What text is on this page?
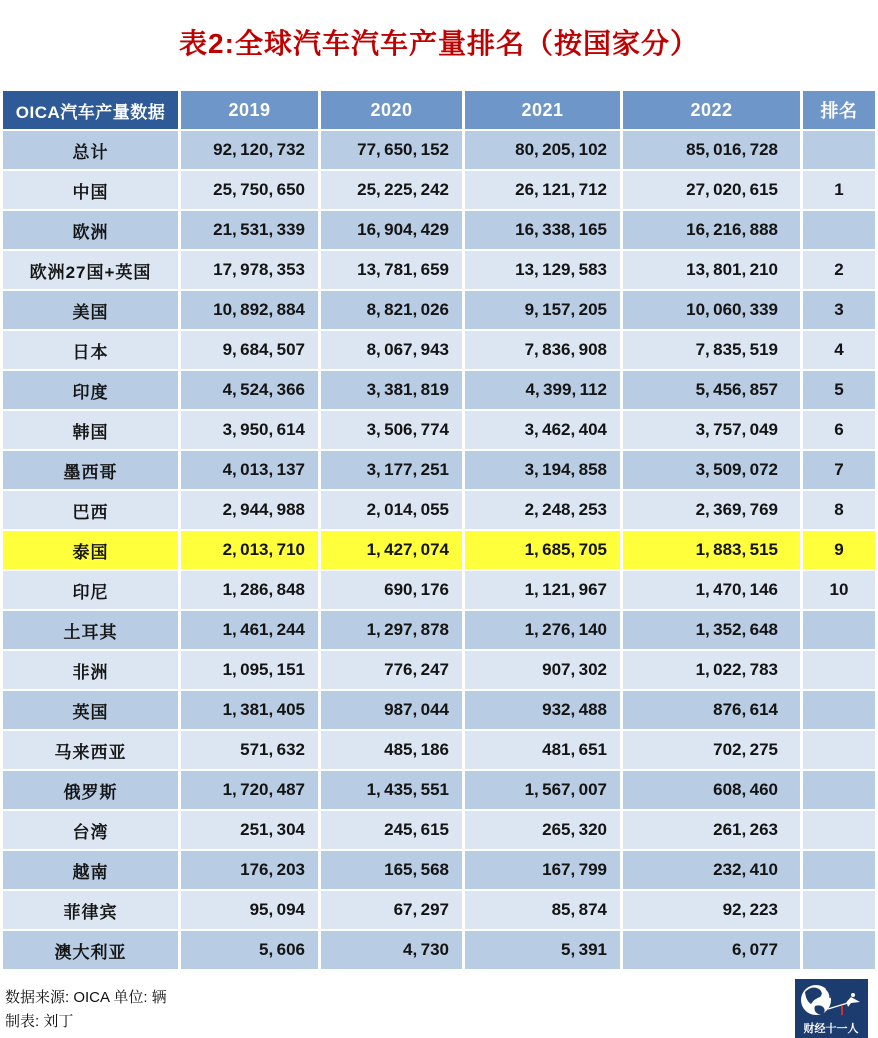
表2:全球汽车汽车产量排名（按国家分）
OICA汽车产量数据	2019	2020	2021	2022	排名
总计	92, 120, 732	77, 650, 152	80, 205, 102	85, 016, 728	
中国	25, 750, 650	25, 225, 242	26, 121, 712	27, 020, 615	1
欧洲	21, 531, 339	16, 904, 429	16, 338, 165	16, 216, 888	
欧洲27国+英国	17, 978, 353	13, 781, 659	13, 129, 583	13, 801, 210	2
美国	10, 892, 884	8, 821, 026	9, 157, 205	10, 060, 339	3
日本	9, 684, 507	8, 067, 943	7, 836, 908	7, 835, 519	4
印度	4, 524, 366	3, 381, 819	4, 399, 112	5, 456, 857	5
韩国	3, 950, 614	3, 506, 774	3, 462, 404	3, 757, 049	6
墨西哥	4, 013, 137	3, 177, 251	3, 194, 858	3, 509, 072	7
巴西	2, 944, 988	2, 014, 055	2, 248, 253	2, 369, 769	8
泰国	2, 013, 710	1, 427, 074	1, 685, 705	1, 883, 515	9
印尼	1, 286, 848	690, 176	1, 121, 967	1, 470, 146	10
土耳其	1, 461, 244	1, 297, 878	1, 276, 140	1, 352, 648	
非洲	1, 095, 151	776, 247	907, 302	1, 022, 783	
英国	1, 381, 405	987, 044	932, 488	876, 614	
马来西亚	571, 632	485, 186	481, 651	702, 275	
俄罗斯	1, 720, 487	1, 435, 551	1, 567, 007	608, 460	
台湾	251, 304	245, 615	265, 320	261, 263	
越南	176, 203	165, 568	167, 799	232, 410	
菲律宾	95, 094	67, 297	85, 874	92, 223	
澳大利亚	5, 606	4, 730	5, 391	6, 077	
数据来源: OICA 单位: 辆
制表: 刘丁	财经十一人
